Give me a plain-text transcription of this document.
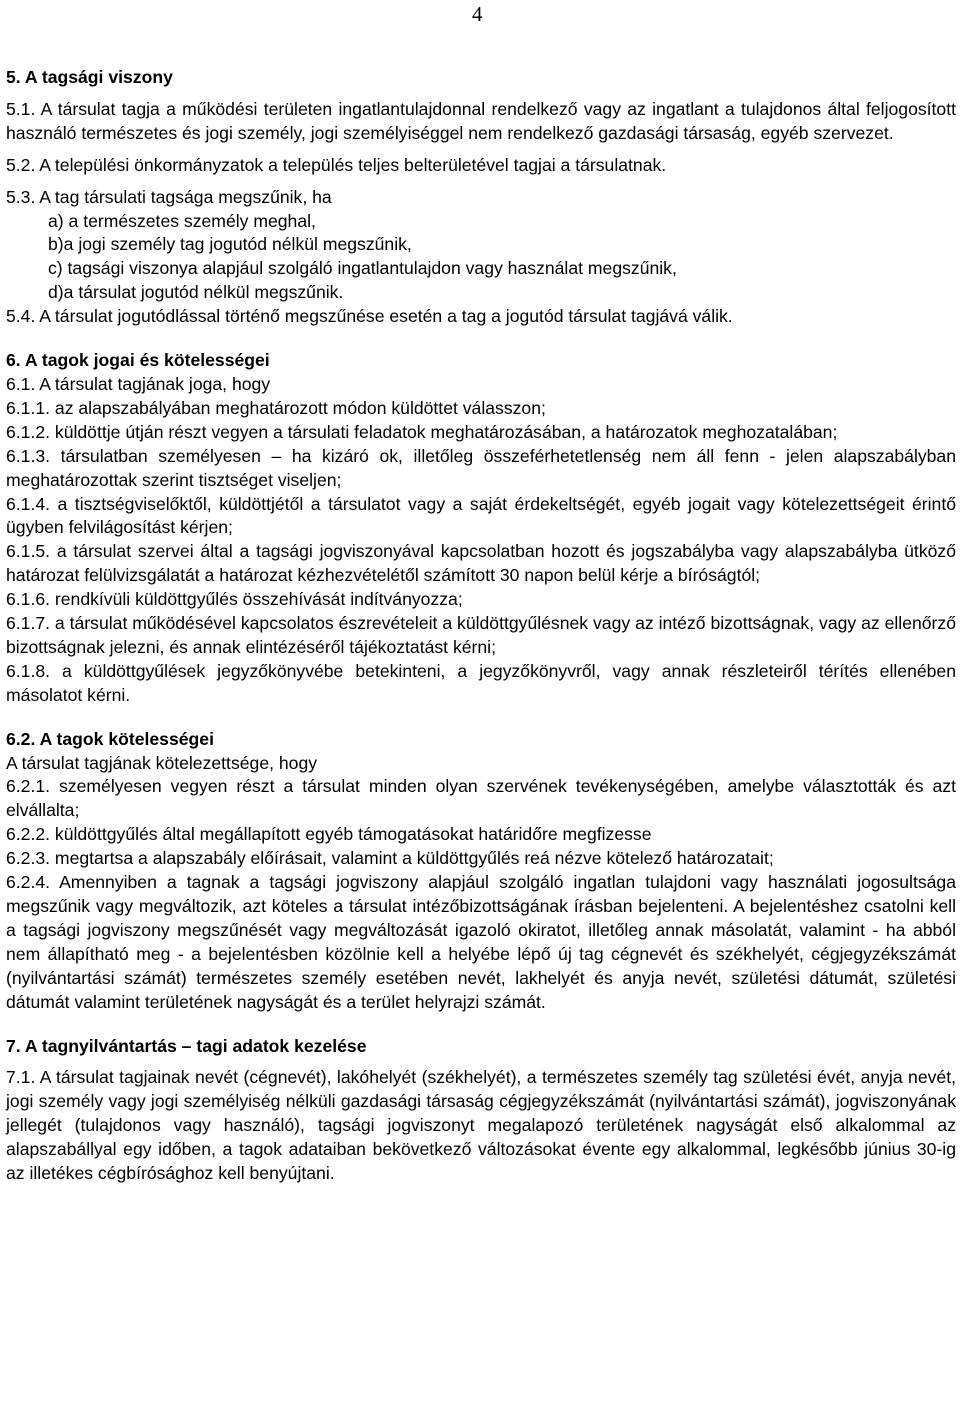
4

5. A tagsági viszony

5.1. A társulat tagja a működési területen ingatlantulajdonnal rendelkező vagy az ingatlant a tulajdonos által feljogosított használó természetes és jogi személy, jogi személyiséggel nem rendelkező gazdasági társaság, egyéb szervezet.

5.2. A települési önkormányzatok a település teljes belterületével tagjai a társulatnak.

5.3. A tag társulati tagsága megszűnik, ha

a) a természetes személy meghal,

b)a jogi személy tag jogutód nélkül megszűnik,

c) tagsági viszonya alapjául szolgáló ingatlantulajdon vagy használat megszűnik,

d)a társulat jogutód nélkül megszűnik.

5.4. A társulat jogutódlással történő megszűnése esetén a tag a jogutód társulat tagjává válik.

6. A tagok jogai és kötelességei

6.1. A társulat tagjának joga, hogy

6.1.1. az alapszabályában meghatározott módon küldöttet válasszon;

6.1.2. küldöttje útján részt vegyen a társulati feladatok meghatározásában, a határozatok meghozatalában;

6.1.3. társulatban személyesen – ha kizáró ok, illetőleg összeférhetetlenség nem áll fenn - jelen alapszabályban meghatározottak szerint tisztséget viseljen;

6.1.4. a tisztségviselőktől, küldöttjétől a társulatot vagy a saját érdekeltségét, egyéb jogait vagy kötelezettségeit érintő ügyben felvilágosítást kérjen;

6.1.5. a társulat szervei által a tagsági jogviszonyával kapcsolatban hozott és jogszabályba vagy alapszabályba ütköző határozat felülvizsgálatát a határozat kézhezvételétől számított 30 napon belül kérje a bíróságtól;

6.1.6. rendkívüli küldöttgyűlés összehívását indítványozza;

6.1.7. a társulat működésével kapcsolatos észrevételeit a küldöttgyűlésnek vagy az intéző bizottságnak, vagy az ellenőrző bizottságnak jelezni, és annak elintézéséről tájékoztatást kérni;

6.1.8. a küldöttgyűlések jegyzőkönyvébe betekinteni, a jegyzőkönyvről, vagy annak részleteiről térítés ellenében másolatot kérni.

6.2. A tagok kötelességei

A társulat tagjának kötelezettsége, hogy

6.2.1. személyesen vegyen részt a társulat minden olyan szervének tevékenységében, amelybe választották és azt elvállalta;

6.2.2. küldöttgyűlés által megállapított egyéb támogatásokat határidőre megfizesse

6.2.3. megtartsa a alapszabály előírásait, valamint a küldöttgyűlés reá nézve kötelező határozatait;

6.2.4. Amennyiben a tagnak a tagsági jogviszony alapjául szolgáló ingatlan tulajdoni vagy használati jogosultsága megszűnik vagy megváltozik, azt köteles a társulat intézőbizottságának írásban bejelenteni. A bejelentéshez csatolni kell a tagsági jogviszony megszűnését vagy megváltozását igazoló okiratot, illetőleg annak másolatát, valamint - ha abból nem állapítható meg - a bejelentésben közölnie kell a helyébe lépő új tag cégnevét és székhelyét, cégjegyzékszámát (nyilvántartási számát) természetes személy esetében nevét, lakhelyét és anyja nevét, születési dátumát, születési dátumát valamint területének nagyságát és a terület helyrajzi számát.

7. A tagnyilvántartás – tagi adatok kezelése

7.1. A társulat tagjainak nevét (cégnevét), lakóhelyét (székhelyét), a természetes személy tag születési évét, anyja nevét, jogi személy vagy jogi személyiség nélküli gazdasági társaság cégjegyzékszámát (nyilvántartási számát), jogviszonyának jellegét (tulajdonos vagy használó), tagsági jogviszonyt megalapozó területének nagyságát első alkalommal az alapszabállyal egy időben, a tagok adataiban bekövetkező változásokat évente egy alkalommal, legkésőbb június 30-ig az illetékes cégbírósághoz kell benyújtani.
